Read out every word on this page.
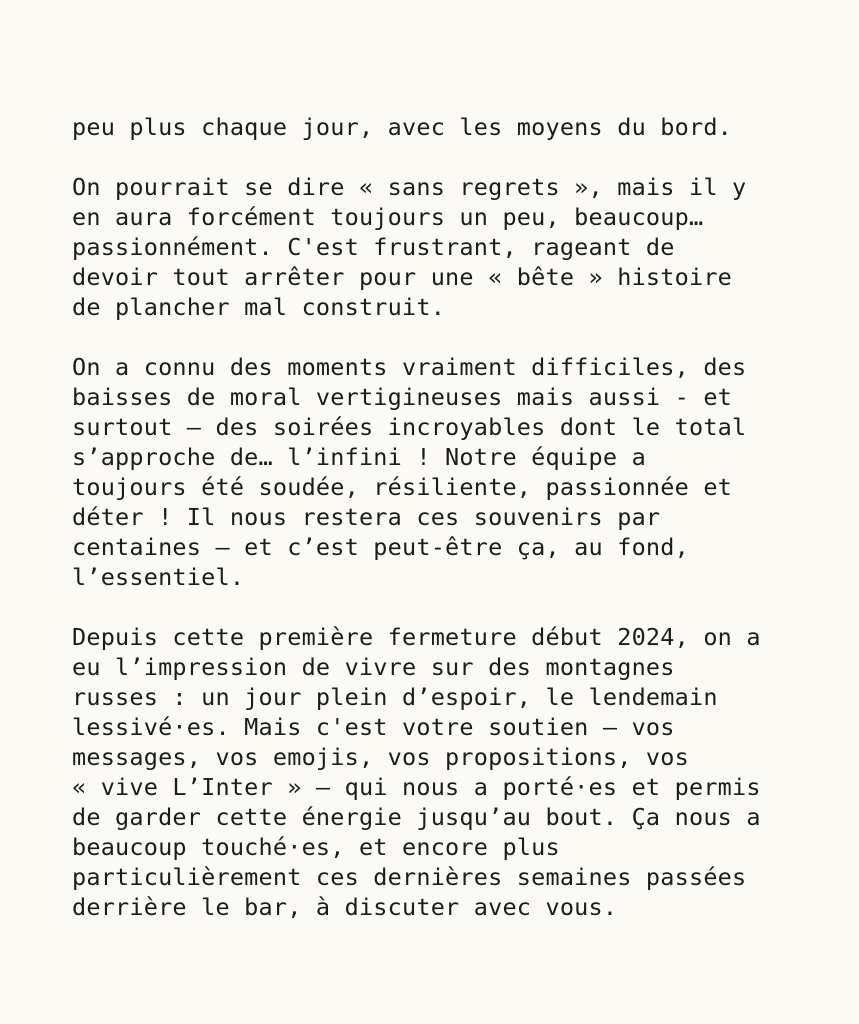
peu plus chaque jour, avec les moyens du bord.
On pourrait se dire « sans regrets », mais il y
en aura forcément toujours un peu, beaucoup…
passionnément. C'est frustrant, rageant de
devoir tout arrêter pour une « bête » histoire
de plancher mal construit.
On a connu des moments vraiment difficiles, des
baisses de moral vertigineuses mais aussi - et
surtout — des soirées incroyables dont le total
s’approche de… l’infini ! Notre équipe a
toujours été soudée, résiliente, passionnée et
déter ! Il nous restera ces souvenirs par
centaines — et c’est peut-être ça, au fond,
l’essentiel.
Depuis cette première fermeture début 2024, on a
eu l’impression de vivre sur des montagnes
russes : un jour plein d’espoir, le lendemain
lessivé·es. Mais c'est votre soutien — vos
messages, vos emojis, vos propositions, vos
« vive L’Inter » — qui nous a porté·es et permis
de garder cette énergie jusqu’au bout. Ça nous a
beaucoup touché·es, et encore plus
particulièrement ces dernières semaines passées
derrière le bar, à discuter avec vous.
